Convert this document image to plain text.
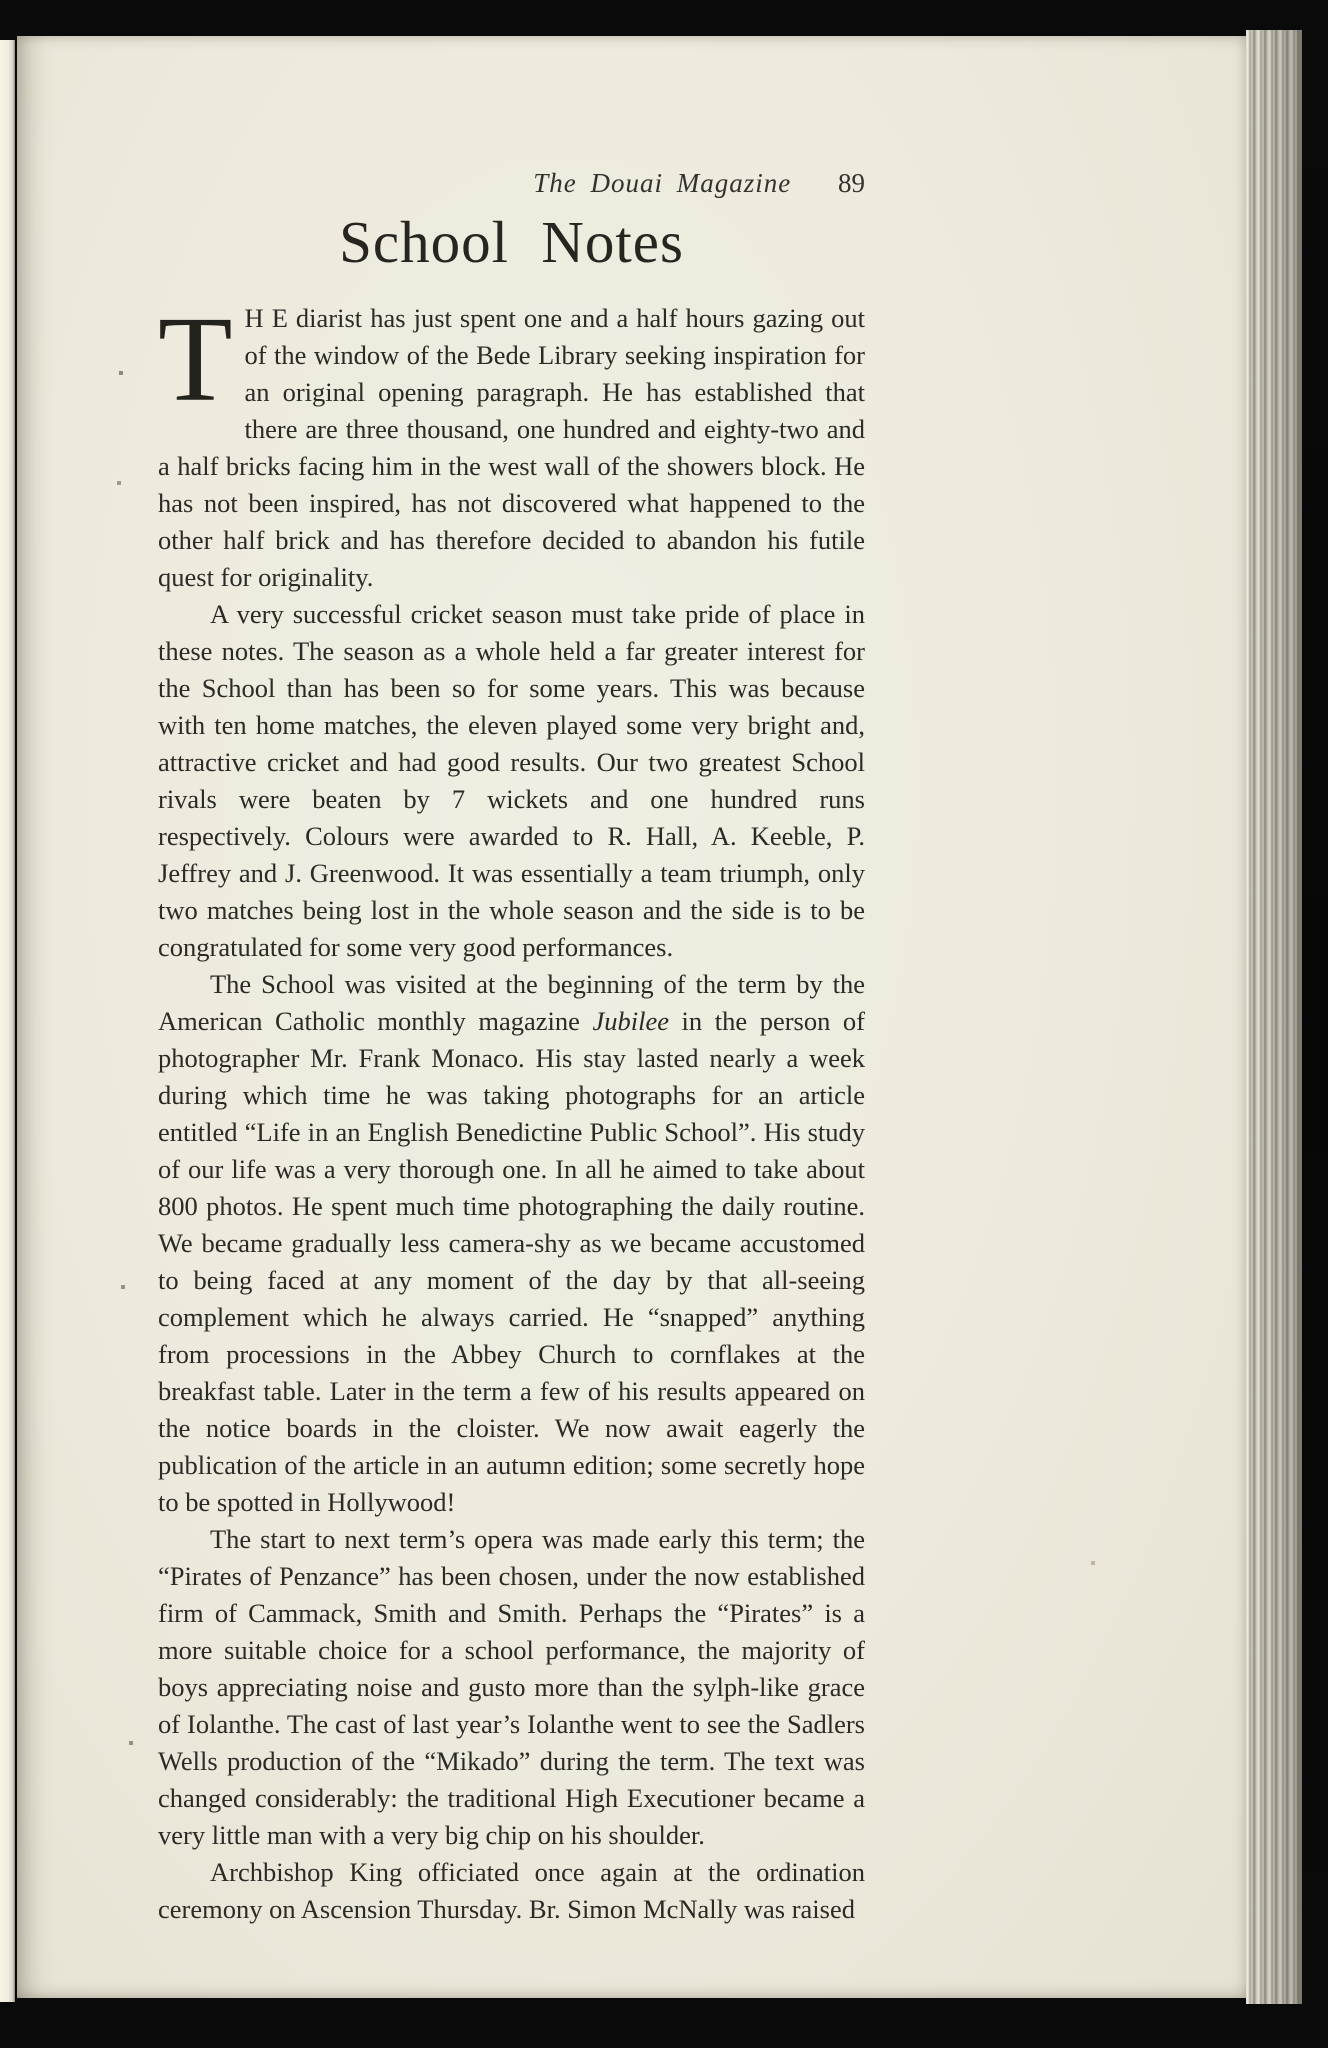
The Douai Magazine 89
School Notes

T H E diarist has just spent one and a half hours gazing out of the window of the Bede Library seeking inspiration for an original opening paragraph. He has established that there are three thousand, one hundred and eighty-two and a half bricks facing him in the west wall of the showers block. He has not been inspired, has not discovered what happened to the other half brick and has therefore decided to abandon his futile quest for originality.

A very successful cricket season must take pride of place in these notes. The season as a whole held a far greater interest for the School than has been so for some years. This was because with ten home matches, the eleven played some very bright and, attractive cricket and had good results. Our two greatest School rivals were beaten by 7 wickets and one hundred runs respectively. Colours were awarded to R. Hall, A. Keeble, P. Jeffrey and J. Greenwood. It was essentially a team triumph, only two matches being lost in the whole season and the side is to be congratulated for some very good performances.

The School was visited at the beginning of the term by the American Catholic monthly magazine Jubilee in the person of photographer Mr. Frank Monaco. His stay lasted nearly a week during which time he was taking photographs for an article entitled “Life in an English Benedictine Public School”. His study of our life was a very thorough one. In all he aimed to take about 800 photos. He spent much time photographing the daily routine. We became gradually less camera-shy as we became accustomed to being faced at any moment of the day by that all-seeing complement which he always carried. He “snapped” anything from processions in the Abbey Church to cornflakes at the breakfast table. Later in the term a few of his results appeared on the notice boards in the cloister. We now await eagerly the publication of the article in an autumn edition; some secretly hope to be spotted in Hollywood!

The start to next term’s opera was made early this term; the “Pirates of Penzance” has been chosen, under the now established firm of Cammack, Smith and Smith. Perhaps the “Pirates” is a more suitable choice for a school performance, the majority of boys appreciating noise and gusto more than the sylph-like grace of Iolanthe. The cast of last year’s Iolanthe went to see the Sadlers Wells production of the “Mikado” during the term. The text was changed considerably: the traditional High Executioner became a very little man with a very big chip on his shoulder.

Archbishop King officiated once again at the ordination ceremony on Ascension Thursday. Br. Simon McNally was raised
